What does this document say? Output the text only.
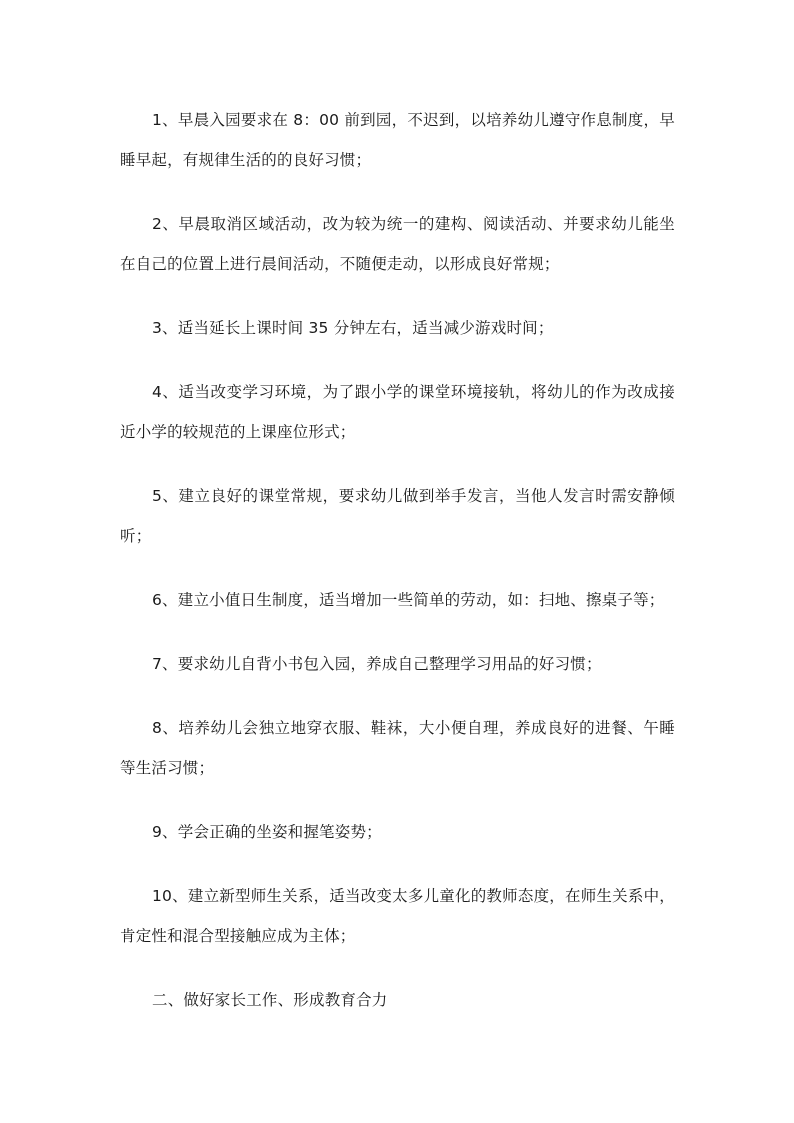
1、早晨入园要求在 8：00 前到园，不迟到，以培养幼儿遵守作息制度，早睡早起，有规律生活的的良好习惯；

2、早晨取消区域活动，改为较为统一的建构、阅读活动、并要求幼儿能坐在自己的位置上进行晨间活动，不随便走动，以形成良好常规；

3、适当延长上课时间 35 分钟左右，适当减少游戏时间；

4、适当改变学习环境，为了跟小学的课堂环境接轨，将幼儿的作为改成接近小学的较规范的上课座位形式；

5、建立良好的课堂常规，要求幼儿做到举手发言，当他人发言时需安静倾听；

6、建立小值日生制度，适当增加一些简单的劳动，如：扫地、擦桌子等；

7、要求幼儿自背小书包入园，养成自己整理学习用品的好习惯；

8、培养幼儿会独立地穿衣服、鞋袜，大小便自理，养成良好的进餐、午睡等生活习惯；

9、学会正确的坐姿和握笔姿势；

10、建立新型师生关系，适当改变太多儿童化的教师态度，在师生关系中，肯定性和混合型接触应成为主体；

二、做好家长工作、形成教育合力
